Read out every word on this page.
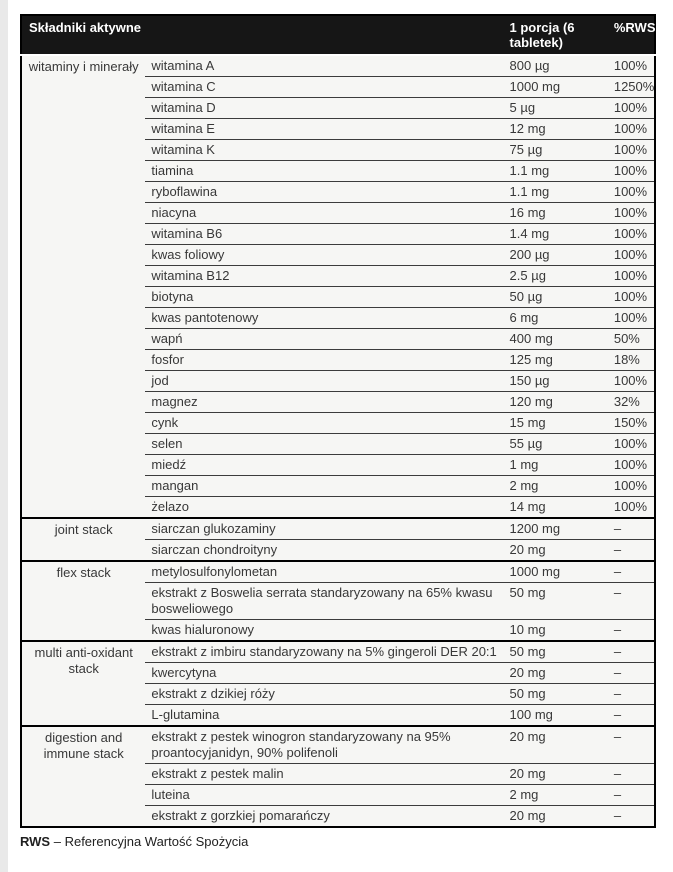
Składniki aktywne		1 porcja (6 tabletek)	%RWS
witaminy i minerały	witamina A	800 µg	100%
	witamina C	1000 mg	1250%
	witamina D	5 µg	100%
	witamina E	12 mg	100%
	witamina K	75 µg	100%
	tiamina	1.1 mg	100%
	ryboflawina	1.1 mg	100%
	niacyna	16 mg	100%
	witamina B6	1.4 mg	100%
	kwas foliowy	200 µg	100%
	witamina B12	2.5 µg	100%
	biotyna	50 µg	100%
	kwas pantotenowy	6 mg	100%
	wapń	400 mg	50%
	fosfor	125 mg	18%
	jod	150 µg	100%
	magnez	120 mg	32%
	cynk	15 mg	150%
	selen	55 µg	100%
	miedź	1 mg	100%
	mangan	2 mg	100%
	żelazo	14 mg	100%
joint stack	siarczan glukozaminy	1200 mg	–
	siarczan chondroityny	20 mg	–
flex stack	metylosulfonylometan	1000 mg	–
	ekstrakt z Boswelia serrata standaryzowany na 65% kwasu bosweliowego	50 mg	–
	kwas hialuronowy	10 mg	–
multi anti-oxidant stack	ekstrakt z imbiru standaryzowany na 5% gingeroli DER 20:1	50 mg	–
	kwercytyna	20 mg	–
	ekstrakt z dzikiej róży	50 mg	–
	L-glutamina	100 mg	–
digestion and immune stack	ekstrakt z pestek winogron standaryzowany na 95% proantocyjanidyn, 90% polifenoli	20 mg	–
	ekstrakt z pestek malin	20 mg	–
	luteina	2 mg	–
	ekstrakt z gorzkiej pomarańczy	20 mg	–
RWS – Referencyjna Wartość Spożycia
